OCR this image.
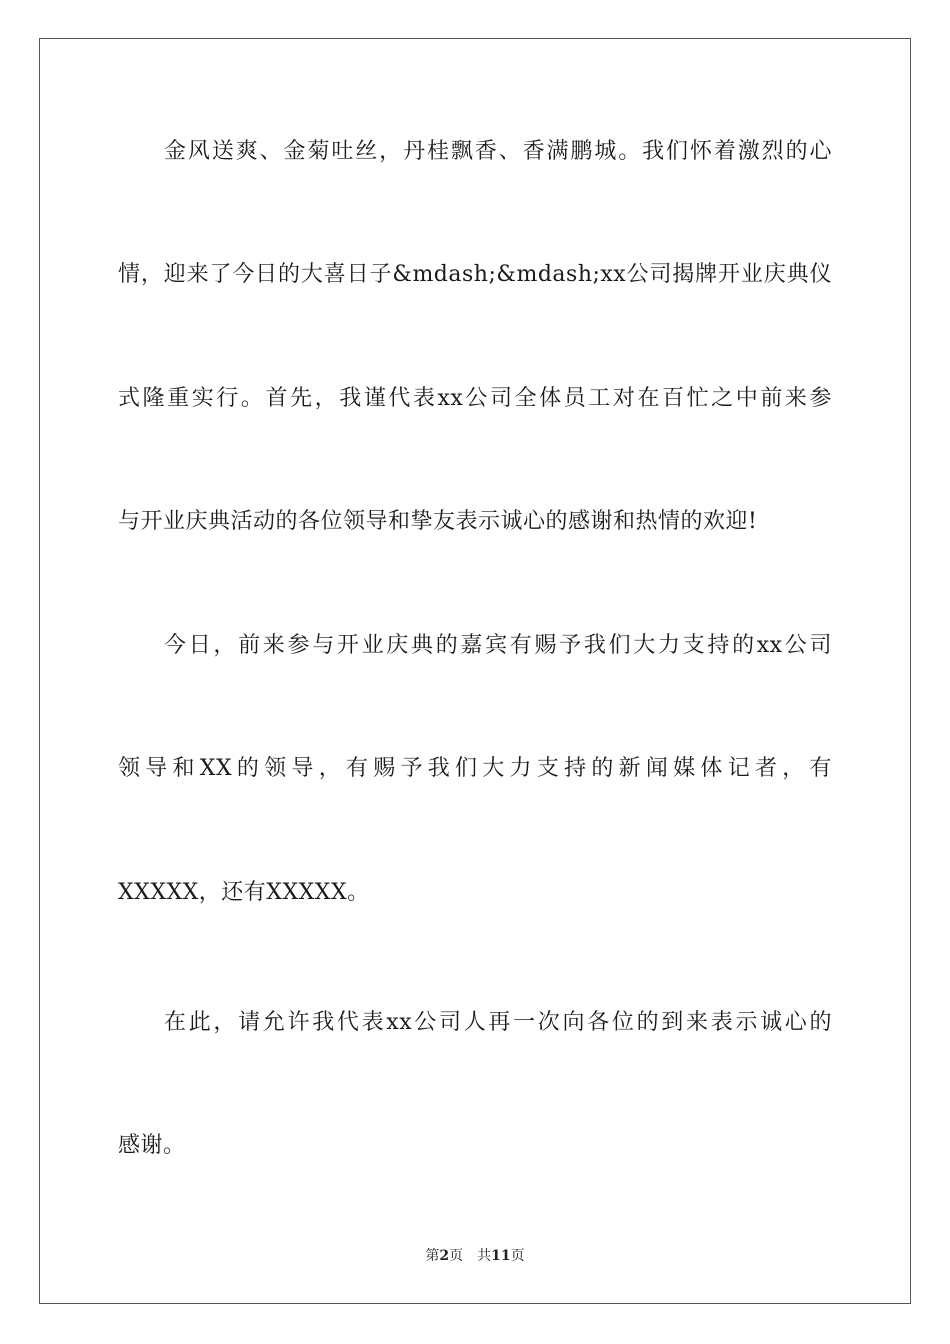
金风送爽、金菊吐丝，丹桂飘香、香满鹏城。我们怀着激烈的心
情，迎来了今日的大喜日子&mdash;&mdash;xx公司揭牌开业庆典仪
式隆重实行。首先，我谨代表xx公司全体员工对在百忙之中前来参
与开业庆典活动的各位领导和挚友表示诚心的感谢和热情的欢迎!
今日，前来参与开业庆典的嘉宾有赐予我们大力支持的xx公司
领导和XX的领导，有赐予我们大力支持的新闻媒体记者，有
XXXXX，还有XXXXX。
在此，请允许我代表xx公司人再一次向各位的到来表示诚心的
感谢。
第2页 共11页
